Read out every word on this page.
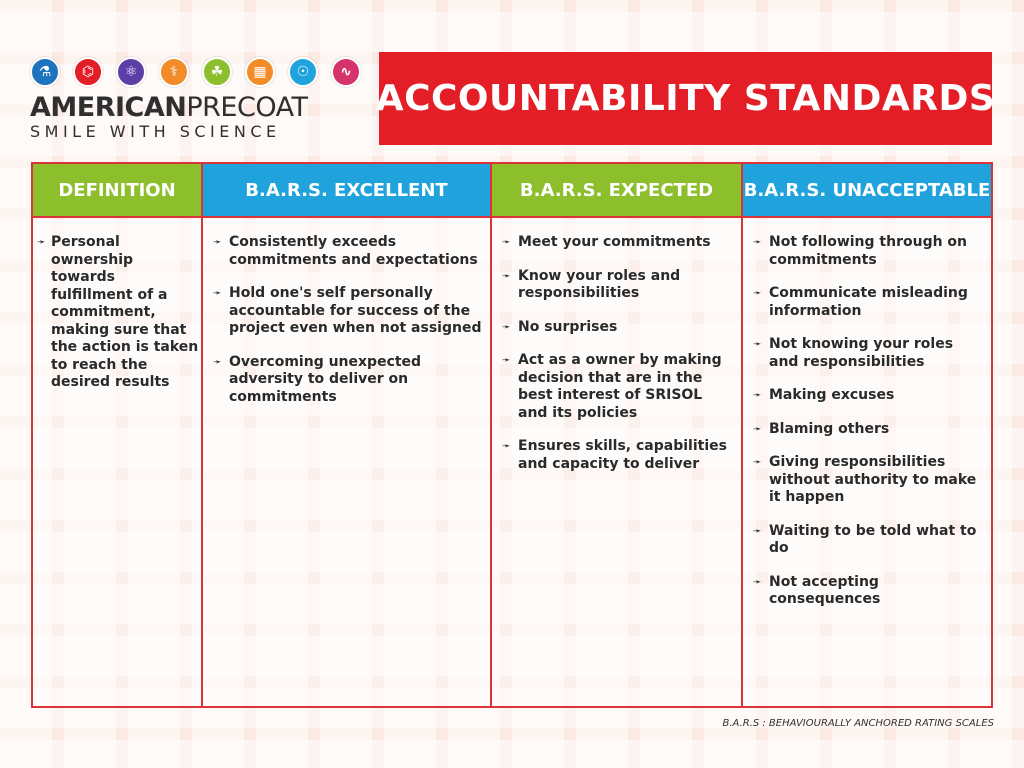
⚗	⌬	⚛	⚕	☘	▦	☉	∿
AMERICANPRECOAT
SMILE WITH SCIENCE
ACCOUNTABILITY STANDARDS
DEFINITION
➛ Personal ownership towards fulfillment of a commitment, making sure that the action is taken to reach the desired results
B.A.R.S. EXCELLENT
➛ Consistently exceeds commitments and expectations
➛ Hold one's self personally accountable for success of the project even when not assigned
➛ Overcoming unexpected adversity to deliver on commitments
B.A.R.S. EXPECTED
➛ Meet your commitments
➛ Know your roles and responsibilities
➛ No surprises
➛ Act as a owner by making decision that are in the best interest of SRISOL and its policies
➛ Ensures skills, capabilities and capacity to deliver
B.A.R.S. UNACCEPTABLE
➛ Not following through on commitments
➛ Communicate misleading information
➛ Not knowing your roles and responsibilities
➛ Making excuses
➛ Blaming others
➛ Giving responsibilities without authority to make it happen
➛ Waiting to be told what to do
➛ Not accepting consequences
B.A.R.S : BEHAVIOURALLY ANCHORED RATING SCALES
